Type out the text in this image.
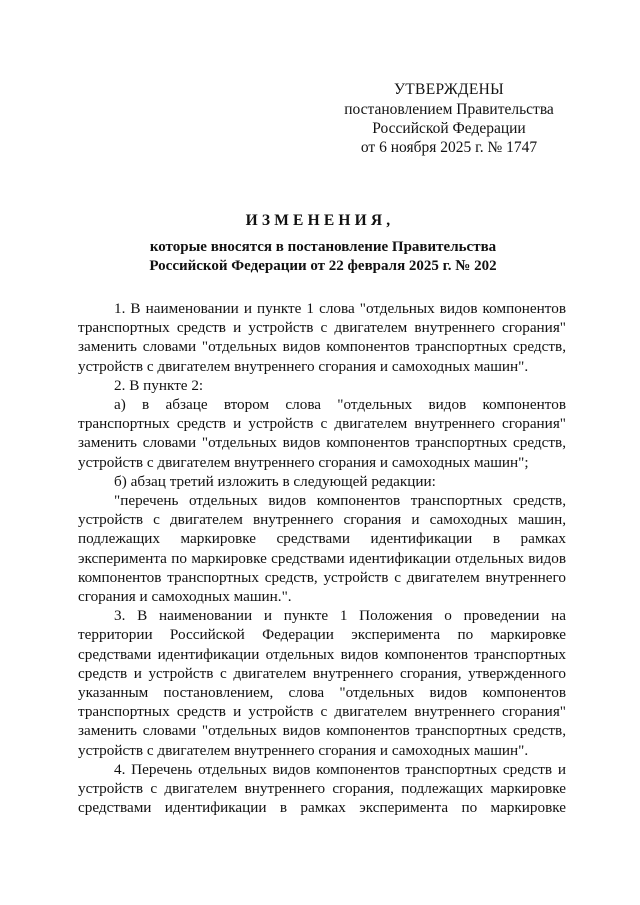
УТВЕРЖДЕНЫ
постановлением Правительства
Российской Федерации
от 6 ноября 2025 г. № 1747
ИЗМЕНЕНИЯ,
которые вносятся в постановление Правительства
Российской Федерации от 22 февраля 2025 г. № 202

1. В наименовании и пункте 1 слова "отдельных видов компонентов транспортных средств и устройств с двигателем внутреннего сгорания" заменить словами "отдельных видов компонентов транспортных средств, устройств с двигателем внутреннего сгорания и самоходных машин".

2. В пункте 2:

а) в абзаце втором слова "отдельных видов компонентов транспортных средств и устройств с двигателем внутреннего сгорания" заменить словами "отдельных видов компонентов транспортных средств, устройств с двигателем внутреннего сгорания и самоходных машин";

б) абзац третий изложить в следующей редакции:

"перечень отдельных видов компонентов транспортных средств, устройств с двигателем внутреннего сгорания и самоходных машин, подлежащих маркировке средствами идентификации в рамках эксперимента по маркировке средствами идентификации отдельных видов компонентов транспортных средств, устройств с двигателем внутреннего сгорания и самоходных машин.".

3. В наименовании и пункте 1 Положения о проведении на территории Российской Федерации эксперимента по маркировке средствами идентификации отдельных видов компонентов транспортных средств и устройств с двигателем внутреннего сгорания, утвержденного указанным постановлением, слова "отдельных видов компонентов транспортных средств и устройств с двигателем внутреннего сгорания" заменить словами "отдельных видов компонентов транспортных средств, устройств с двигателем внутреннего сгорания и самоходных машин".

4. Перечень отдельных видов компонентов транспортных средств и устройств с двигателем внутреннего сгорания, подлежащих маркировке средствами идентификации в рамках эксперимента по маркировке
